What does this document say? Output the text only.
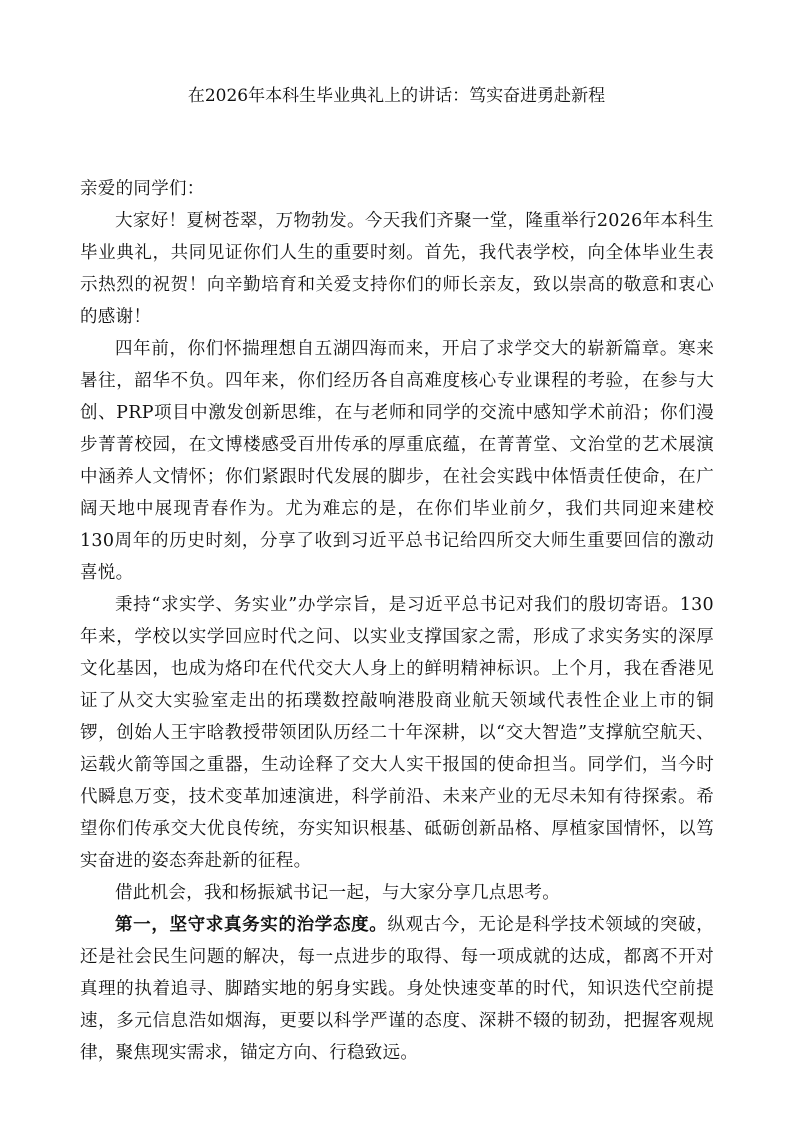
在2026年本科生毕业典礼上的讲话：笃实奋进勇赴新程

亲爱的同学们：

大家好！夏树苍翠，万物勃发。今天我们齐聚一堂，隆重举行2026年本科生毕业典礼，共同见证你们人生的重要时刻。首先，我代表学校，向全体毕业生表示热烈的祝贺！向辛勤培育和关爱支持你们的师长亲友，致以崇高的敬意和衷心的感谢！

四年前，你们怀揣理想自五湖四海而来，开启了求学交大的崭新篇章。寒来暑往，韶华不负。四年来，你们经历各自高难度核心专业课程的考验，在参与大创、PRP项目中激发创新思维，在与老师和同学的交流中感知学术前沿；你们漫步菁菁校园，在文博楼感受百卅传承的厚重底蕴，在菁菁堂、文治堂的艺术展演中涵养人文情怀；你们紧跟时代发展的脚步，在社会实践中体悟责任使命，在广阔天地中展现青春作为。尤为难忘的是，在你们毕业前夕，我们共同迎来建校130周年的历史时刻，分享了收到习近平总书记给四所交大师生重要回信的激动喜悦。

秉持“求实学、务实业”办学宗旨，是习近平总书记对我们的殷切寄语。130年来，学校以实学回应时代之问、以实业支撑国家之需，形成了求实务实的深厚文化基因，也成为烙印在代代交大人身上的鲜明精神标识。上个月，我在香港见证了从交大实验室走出的拓璞数控敲响港股商业航天领域代表性企业上市的铜锣，创始人王宇晗教授带领团队历经二十年深耕，以“交大智造”支撑航空航天、运载火箭等国之重器，生动诠释了交大人实干报国的使命担当。同学们，当今时代瞬息万变，技术变革加速演进，科学前沿、未来产业的无尽未知有待探索。希望你们传承交大优良传统，夯实知识根基、砥砺创新品格、厚植家国情怀，以笃实奋进的姿态奔赴新的征程。

借此机会，我和杨振斌书记一起，与大家分享几点思考。

第一，坚守求真务实的治学态度。纵观古今，无论是科学技术领域的突破，还是社会民生问题的解决，每一点进步的取得、每一项成就的达成，都离不开对真理的执着追寻、脚踏实地的躬身实践。身处快速变革的时代，知识迭代空前提速，多元信息浩如烟海，更要以科学严谨的态度、深耕不辍的韧劲，把握客观规律，聚焦现实需求，锚定方向、行稳致远。
